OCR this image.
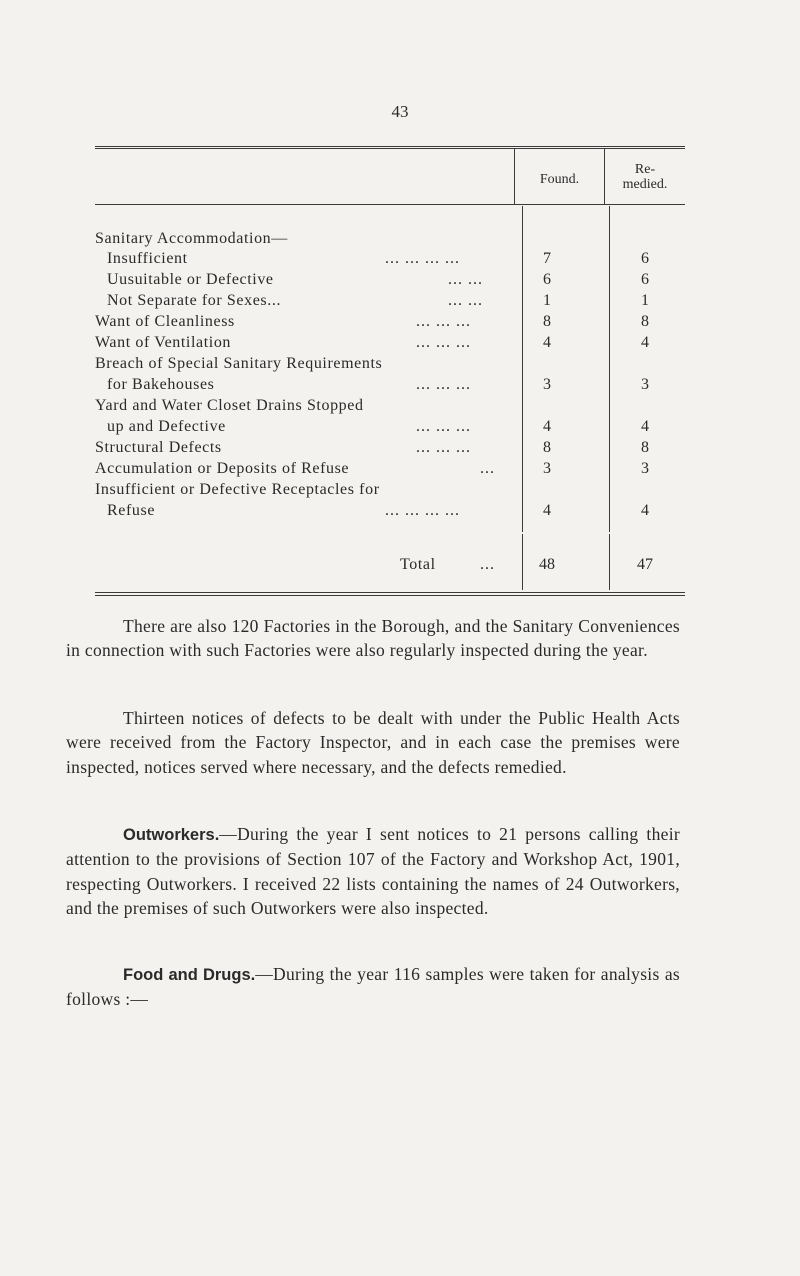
43
Found.
Re-
medied.
Sanitary Accommodation—
Insufficient	... ... ... ...	7	6
Uusuitable or Defective	... ...	6	6
Not Separate for Sexes...	... ...	1	1
Want of Cleanliness	... ... ...	8	8
Want of Ventilation	... ... ...	4	4
Breach of Special Sanitary Requirements
for Bakehouses	... ... ...	3	3
Yard and Water Closet Drains Stopped
up and Defective	... ... ...	4	4
Structural Defects	... ... ...	8	8
Accumulation or Deposits of Refuse	...	3	3
Insufficient or Defective Receptacles for
Refuse	... ... ... ...	4	4
Total	...	48	47
There are also 120 Factories in the Borough, and the Sanitary Conveniences in connection with such Factories were also regularly inspected during the year.
Thirteen notices of defects to be dealt with under the Public Health Acts were received from the Factory Inspector, and in each case the premises were inspected, notices served where necessary, and the defects remedied.
Outworkers.—During the year I sent notices to 21 persons calling their attention to the provisions of Section 107 of the Factory and Workshop Act, 1901, respecting Outworkers. I received 22 lists containing the names of 24 Outworkers, and the premises of such Outworkers were also inspected.
Food and Drugs.—During the year 116 samples were taken for analysis as follows :—
